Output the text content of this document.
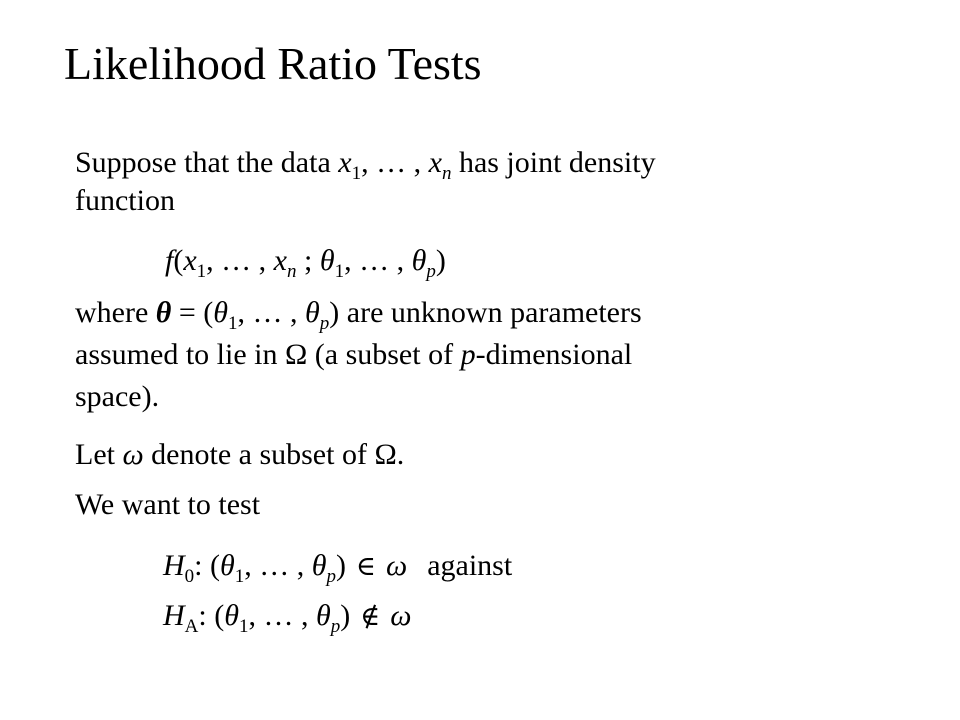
Likelihood Ratio Tests
Suppose that the data $x_1$, … , $x_n$ has joint density
function
$f(x_1$, … , $x_n$ ; $\theta_1$, … , $\theta_p$)
where $\theta = (\theta_1$, … , $\theta_p$) are unknown parameters
assumed to lie in Ω (a subset of p-dimensional
space).
Let ω denote a subset of Ω.
We want to test
$H_0$: ($\theta_1$, … , $\theta_p$) ∈ ω against
$H_A$: ($\theta_1$, … , $\theta_p$) ∉ ω
